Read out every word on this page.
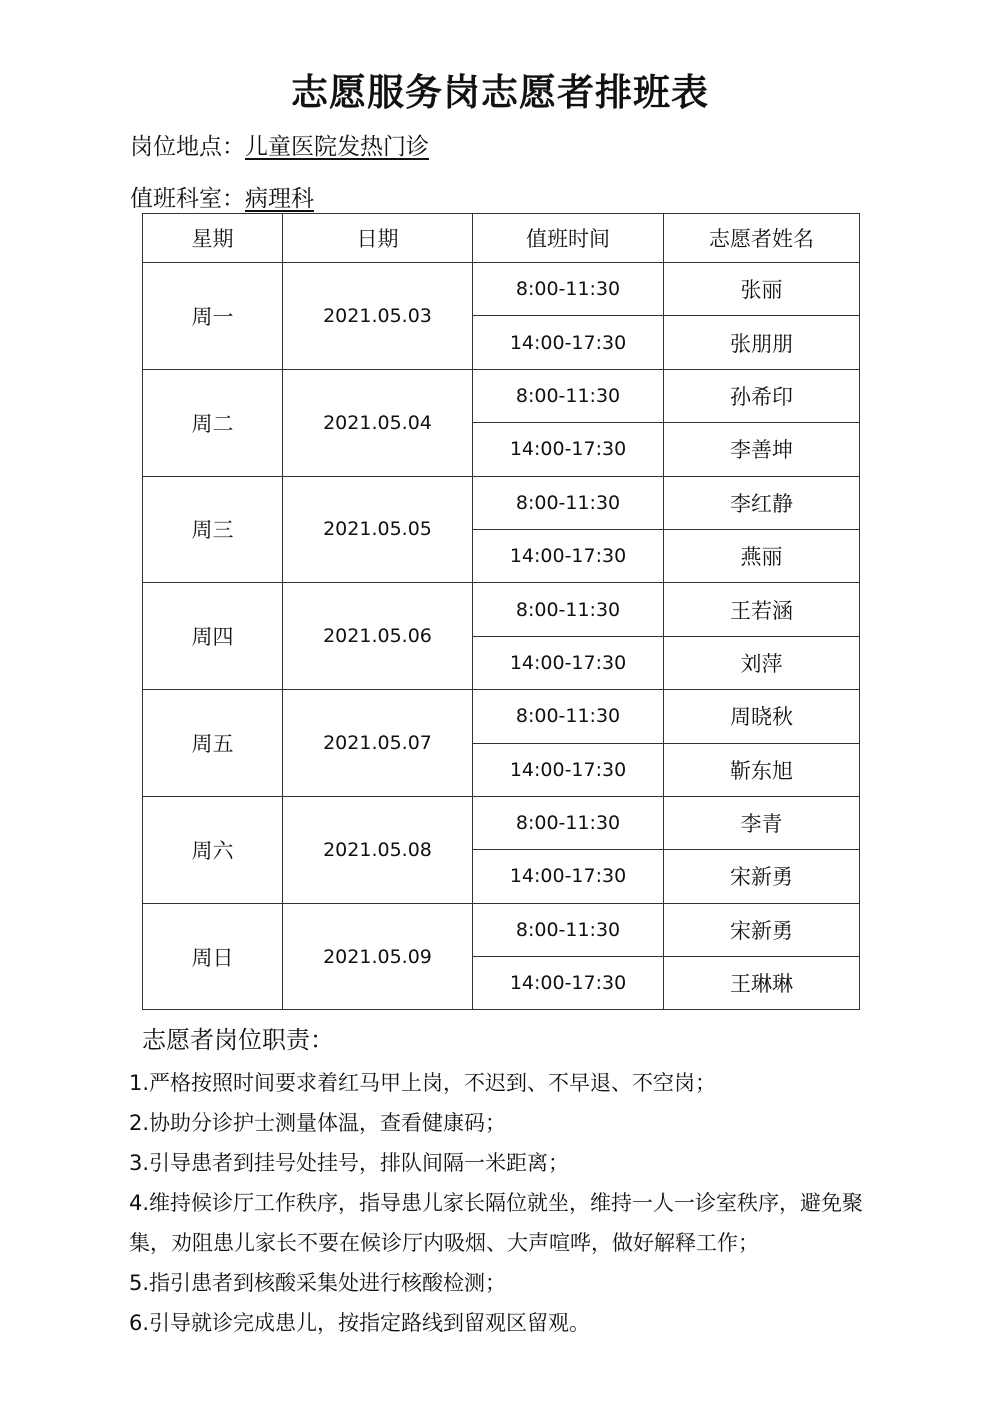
志愿服务岗志愿者排班表
岗位地点：儿童医院发热门诊
值班科室：病理科
星期	日期	值班时间	志愿者姓名
周一	2021.05.03	8:00-11:30	张丽
		14:00-17:30	张朋朋
周二	2021.05.04	8:00-11:30	孙希印
		14:00-17:30	李善坤
周三	2021.05.05	8:00-11:30	李红静
		14:00-17:30	燕丽
周四	2021.05.06	8:00-11:30	王若涵
		14:00-17:30	刘萍
周五	2021.05.07	8:00-11:30	周晓秋
		14:00-17:30	靳东旭
周六	2021.05.08	8:00-11:30	李青
		14:00-17:30	宋新勇
周日	2021.05.09	8:00-11:30	宋新勇
		14:00-17:30	王琳琳
志愿者岗位职责：
1.严格按照时间要求着红马甲上岗，不迟到、不早退、不空岗；
2.协助分诊护士测量体温，查看健康码；
3.引导患者到挂号处挂号，排队间隔一米距离；
4.维持候诊厅工作秩序，指导患儿家长隔位就坐，维持一人一诊室秩序，避免聚集，劝阻患儿家长不要在候诊厅内吸烟、大声喧哗，做好解释工作；
5.指引患者到核酸采集处进行核酸检测；
6.引导就诊完成患儿，按指定路线到留观区留观。
